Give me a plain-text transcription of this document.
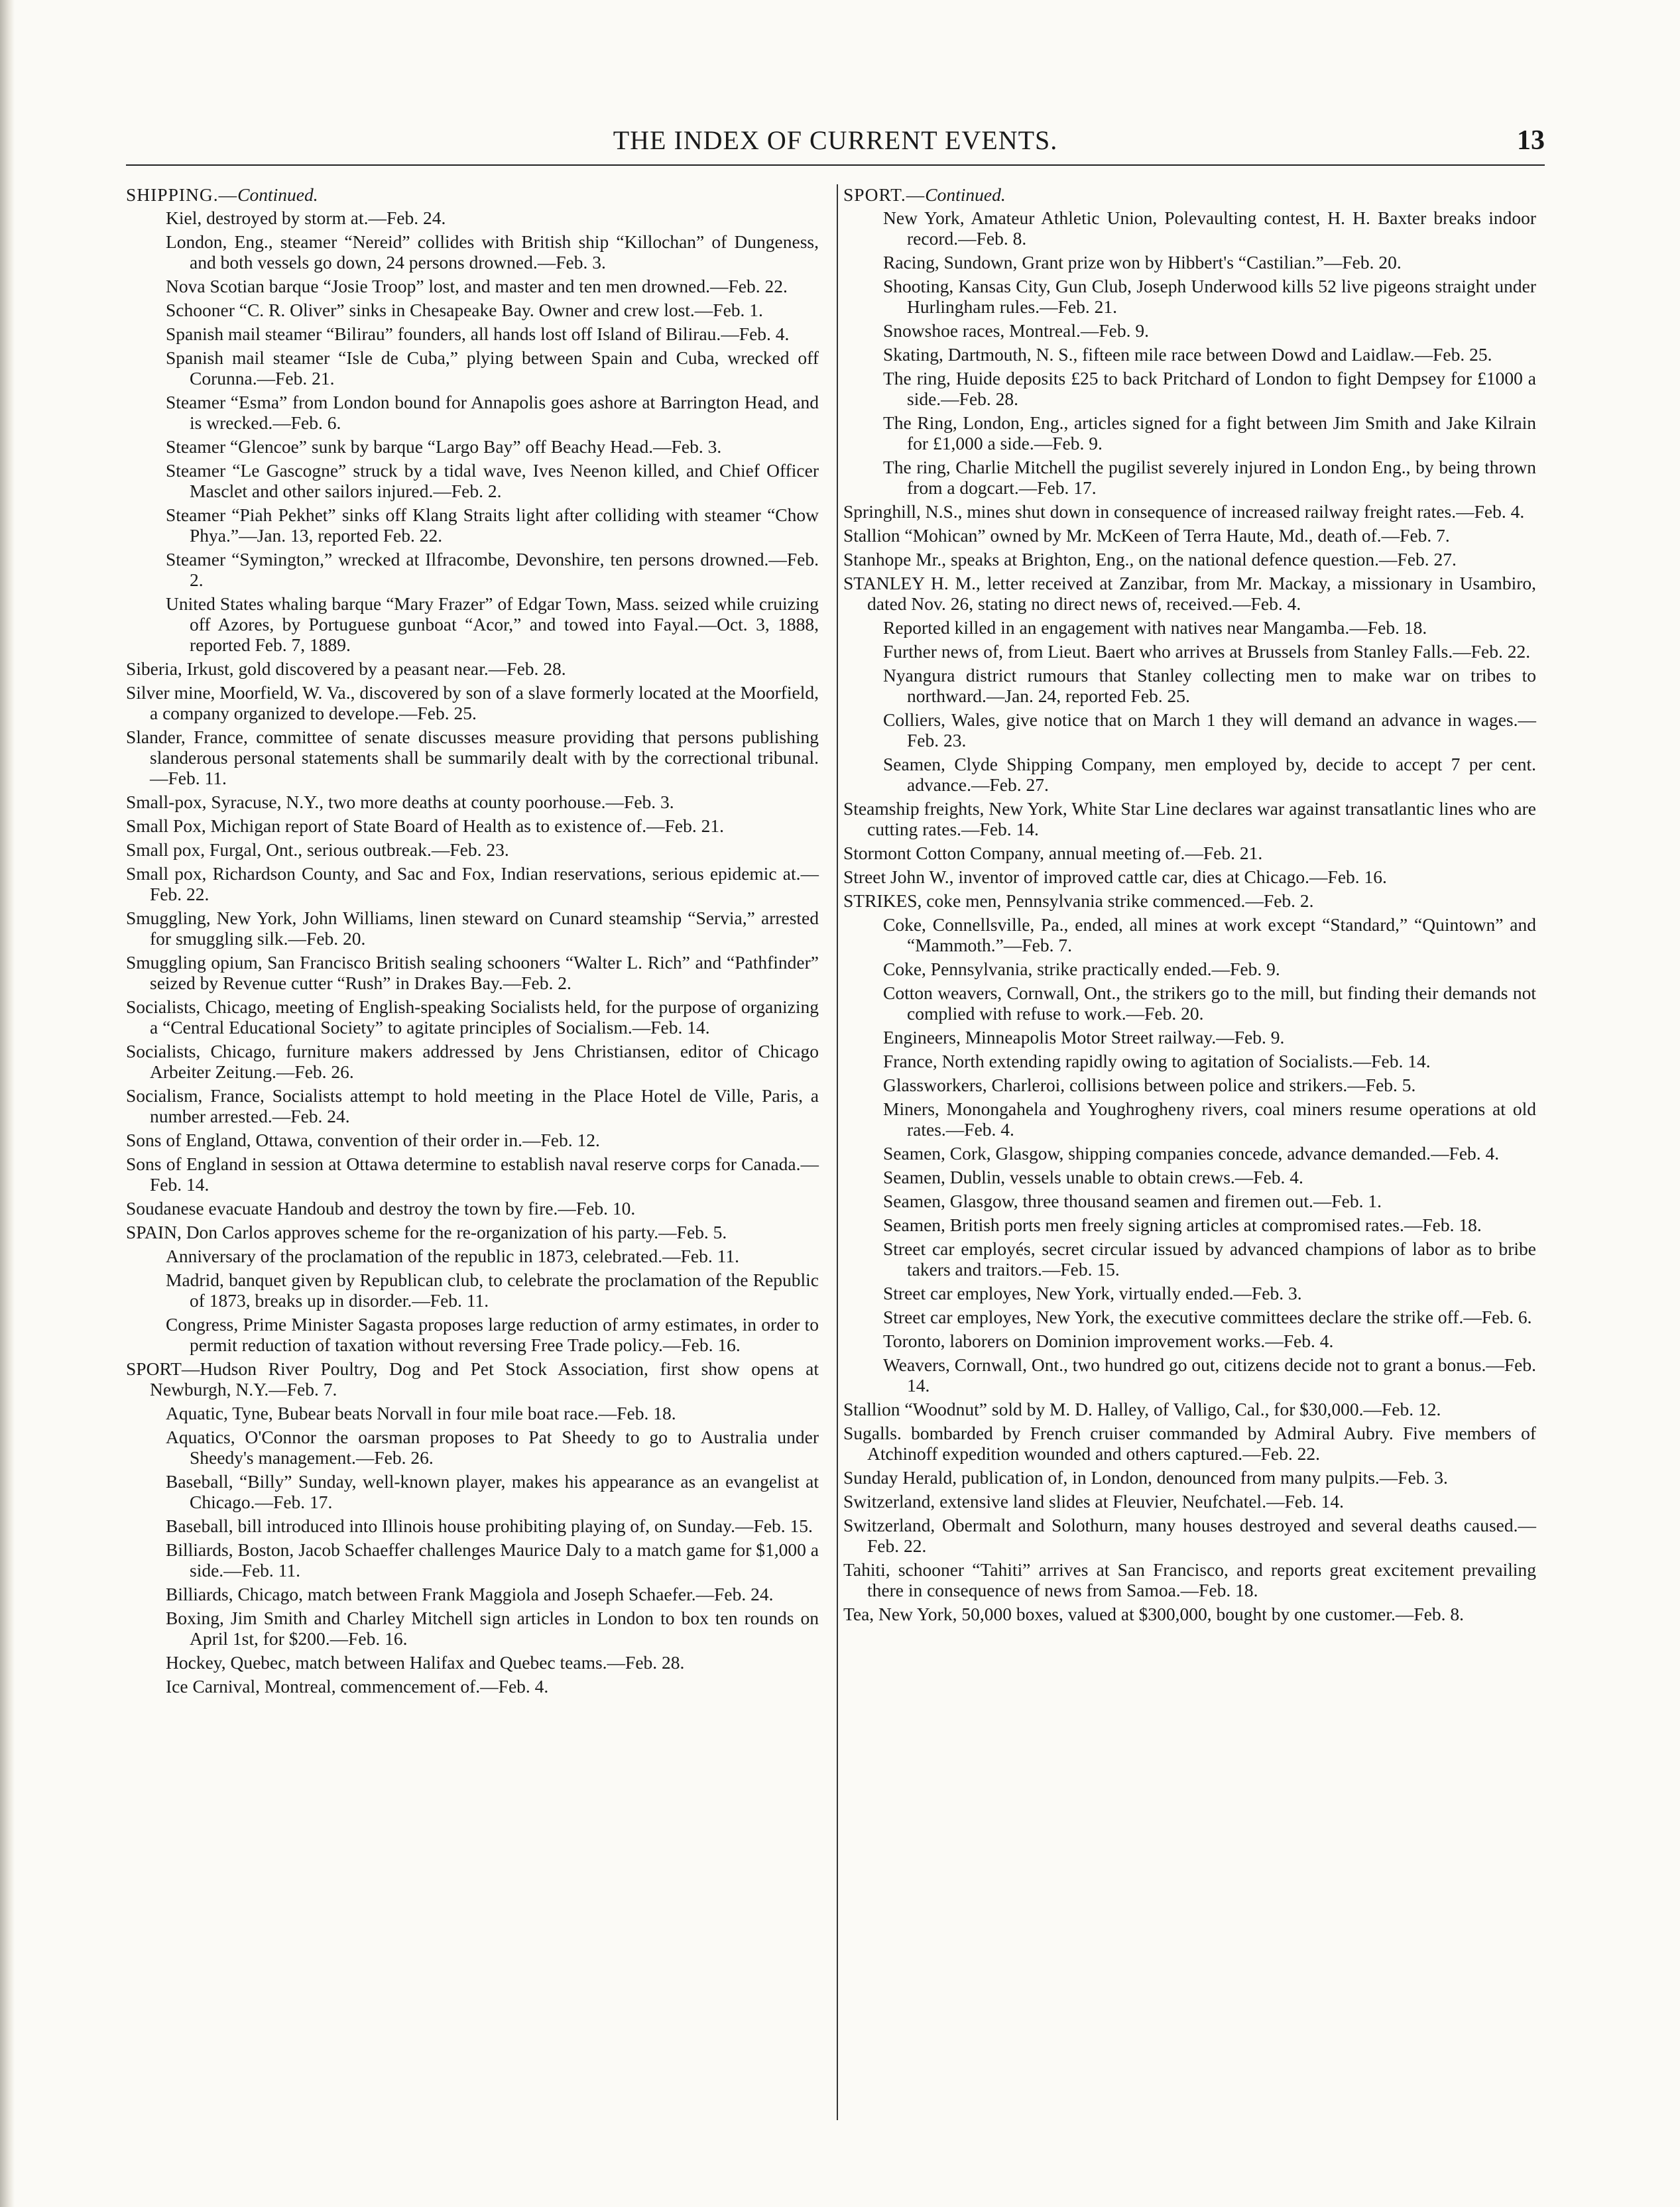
THE INDEX OF CURRENT EVENTS.	13
SHIPPING.—Continued.

Kiel, destroyed by storm at.—Feb. 24.

London, Eng., steamer “Nereid” collides with British ship “Killochan” of Dungeness, and both vessels go down, 24 persons drowned.—Feb. 3.

Nova Scotian barque “Josie Troop” lost, and master and ten men drowned.—Feb. 22.

Schooner “C. R. Oliver” sinks in Chesapeake Bay. Owner and crew lost.—Feb. 1.

Spanish mail steamer “Bilirau” founders, all hands lost off Island of Bilirau.—Feb. 4.

Spanish mail steamer “Isle de Cuba,” plying between Spain and Cuba, wrecked off Corunna.—Feb. 21.

Steamer “Esma” from London bound for Annapolis goes ashore at Barrington Head, and is wrecked.—Feb. 6.

Steamer “Glencoe” sunk by barque “Largo Bay” off Beachy Head.—Feb. 3.

Steamer “Le Gascogne” struck by a tidal wave, Ives Neenon killed, and Chief Officer Masclet and other sailors injured.—Feb. 2.

Steamer “Piah Pekhet” sinks off Klang Straits light after colliding with steamer “Chow Phya.”—Jan. 13, reported Feb. 22.

Steamer “Symington,” wrecked at Ilfracombe, Devonshire, ten persons drowned.—Feb. 2.

United States whaling barque “Mary Frazer” of Edgar Town, Mass. seized while cruizing off Azores, by Portuguese gunboat “Acor,” and towed into Fayal.—Oct. 3, 1888, reported Feb. 7, 1889.

Siberia, Irkust, gold discovered by a peasant near.—Feb. 28.

Silver mine, Moorfield, W. Va., discovered by son of a slave formerly located at the Moorfield, a company organized to develope.—Feb. 25.

Slander, France, committee of senate discusses measure providing that persons publishing slanderous personal statements shall be summarily dealt with by the correctional tribunal.—Feb. 11.

Small-pox, Syracuse, N.Y., two more deaths at county poorhouse.—Feb. 3.

Small Pox, Michigan report of State Board of Health as to existence of.—Feb. 21.

Small pox, Furgal, Ont., serious outbreak.—Feb. 23.

Small pox, Richardson County, and Sac and Fox, Indian reservations, serious epidemic at.—Feb. 22.

Smuggling, New York, John Williams, linen steward on Cunard steamship “Servia,” arrested for smuggling silk.—Feb. 20.

Smuggling opium, San Francisco British sealing schooners “Walter L. Rich” and “Pathfinder” seized by Revenue cutter “Rush” in Drakes Bay.—Feb. 2.

Socialists, Chicago, meeting of English-speaking Socialists held, for the purpose of organizing a “Central Educational Society” to agitate principles of Socialism.—Feb. 14.

Socialists, Chicago, furniture makers addressed by Jens Christiansen, editor of Chicago Arbeiter Zeitung.—Feb. 26.

Socialism, France, Socialists attempt to hold meeting in the Place Hotel de Ville, Paris, a number arrested.—Feb. 24.

Sons of England, Ottawa, convention of their order in.—Feb. 12.

Sons of England in session at Ottawa determine to establish naval reserve corps for Canada.—Feb. 14.

Soudanese evacuate Handoub and destroy the town by fire.—Feb. 10.

SPAIN, Don Carlos approves scheme for the re-organization of his party.—Feb. 5.

Anniversary of the proclamation of the republic in 1873, celebrated.—Feb. 11.

Madrid, banquet given by Republican club, to celebrate the proclamation of the Republic of 1873, breaks up in disorder.—Feb. 11.

Congress, Prime Minister Sagasta proposes large reduction of army estimates, in order to permit reduction of taxation without reversing Free Trade policy.—Feb. 16.

SPORT—Hudson River Poultry, Dog and Pet Stock Association, first show opens at Newburgh, N.Y.—Feb. 7.

Aquatic, Tyne, Bubear beats Norvall in four mile boat race.—Feb. 18.

Aquatics, O'Connor the oarsman proposes to Pat Sheedy to go to Australia under Sheedy's management.—Feb. 26.

Baseball, “Billy” Sunday, well-known player, makes his appearance as an evangelist at Chicago.—Feb. 17.

Baseball, bill introduced into Illinois house prohibiting playing of, on Sunday.—Feb. 15.

Billiards, Boston, Jacob Schaeffer challenges Maurice Daly to a match game for $1,000 a side.—Feb. 11.

Billiards, Chicago, match between Frank Maggiola and Joseph Schaefer.—Feb. 24.

Boxing, Jim Smith and Charley Mitchell sign articles in London to box ten rounds on April 1st, for $200.—Feb. 16.

Hockey, Quebec, match between Halifax and Quebec teams.—Feb. 28.

Ice Carnival, Montreal, commencement of.—Feb. 4.

SPORT.—Continued.

New York, Amateur Athletic Union, Polevaulting contest, H. H. Baxter breaks indoor record.—Feb. 8.

Racing, Sundown, Grant prize won by Hibbert's “Castilian.”—Feb. 20.

Shooting, Kansas City, Gun Club, Joseph Underwood kills 52 live pigeons straight under Hurlingham rules.—Feb. 21.

Snowshoe races, Montreal.—Feb. 9.

Skating, Dartmouth, N. S., fifteen mile race between Dowd and Laidlaw.—Feb. 25.

The ring, Huide deposits £25 to back Pritchard of London to fight Dempsey for £1000 a side.—Feb. 28.

The Ring, London, Eng., articles signed for a fight between Jim Smith and Jake Kilrain for £1,000 a side.—Feb. 9.

The ring, Charlie Mitchell the pugilist severely injured in London Eng., by being thrown from a dogcart.—Feb. 17.

Springhill, N.S., mines shut down in consequence of increased railway freight rates.—Feb. 4.

Stallion “Mohican” owned by Mr. McKeen of Terra Haute, Md., death of.—Feb. 7.

Stanhope Mr., speaks at Brighton, Eng., on the national defence question.—Feb. 27.

STANLEY H. M., letter received at Zanzibar, from Mr. Mackay, a missionary in Usambiro, dated Nov. 26, stating no direct news of, received.—Feb. 4.

Reported killed in an engagement with natives near Mangamba.—Feb. 18.

Further news of, from Lieut. Baert who arrives at Brussels from Stanley Falls.—Feb. 22.

Nyangura district rumours that Stanley collecting men to make war on tribes to northward.—Jan. 24, reported Feb. 25.

Colliers, Wales, give notice that on March 1 they will demand an advance in wages.—Feb. 23.

Seamen, Clyde Shipping Company, men employed by, decide to accept 7 per cent. advance.—Feb. 27.

Steamship freights, New York, White Star Line declares war against transatlantic lines who are cutting rates.—Feb. 14.

Stormont Cotton Company, annual meeting of.—Feb. 21.

Street John W., inventor of improved cattle car, dies at Chicago.—Feb. 16.

STRIKES, coke men, Pennsylvania strike commenced.—Feb. 2.

Coke, Connellsville, Pa., ended, all mines at work except “Standard,” “Quintown” and “Mammoth.”—Feb. 7.

Coke, Pennsylvania, strike practically ended.—Feb. 9.

Cotton weavers, Cornwall, Ont., the strikers go to the mill, but finding their demands not complied with refuse to work.—Feb. 20.

Engineers, Minneapolis Motor Street railway.—Feb. 9.

France, North extending rapidly owing to agitation of Socialists.—Feb. 14.

Glassworkers, Charleroi, collisions between police and strikers.—Feb. 5.

Miners, Monongahela and Youghrogheny rivers, coal miners resume operations at old rates.—Feb. 4.

Seamen, Cork, Glasgow, shipping companies concede, advance demanded.—Feb. 4.

Seamen, Dublin, vessels unable to obtain crews.—Feb. 4.

Seamen, Glasgow, three thousand seamen and firemen out.—Feb. 1.

Seamen, British ports men freely signing articles at compromised rates.—Feb. 18.

Street car employés, secret circular issued by advanced champions of labor as to bribe takers and traitors.—Feb. 15.

Street car employes, New York, virtually ended.—Feb. 3.

Street car employes, New York, the executive committees declare the strike off.—Feb. 6.

Toronto, laborers on Dominion improvement works.—Feb. 4.

Weavers, Cornwall, Ont., two hundred go out, citizens decide not to grant a bonus.—Feb. 14.

Stallion “Woodnut” sold by M. D. Halley, of Valligo, Cal., for $30,000.—Feb. 12.

Sugalls. bombarded by French cruiser commanded by Admiral Aubry. Five members of Atchinoff expedition wounded and others captured.—Feb. 22.

Sunday Herald, publication of, in London, denounced from many pulpits.—Feb. 3.

Switzerland, extensive land slides at Fleuvier, Neufchatel.—Feb. 14.

Switzerland, Obermalt and Solothurn, many houses destroyed and several deaths caused.—Feb. 22.

Tahiti, schooner “Tahiti” arrives at San Francisco, and reports great excitement prevailing there in consequence of news from Samoa.—Feb. 18.

Tea, New York, 50,000 boxes, valued at $300,000, bought by one customer.—Feb. 8.
